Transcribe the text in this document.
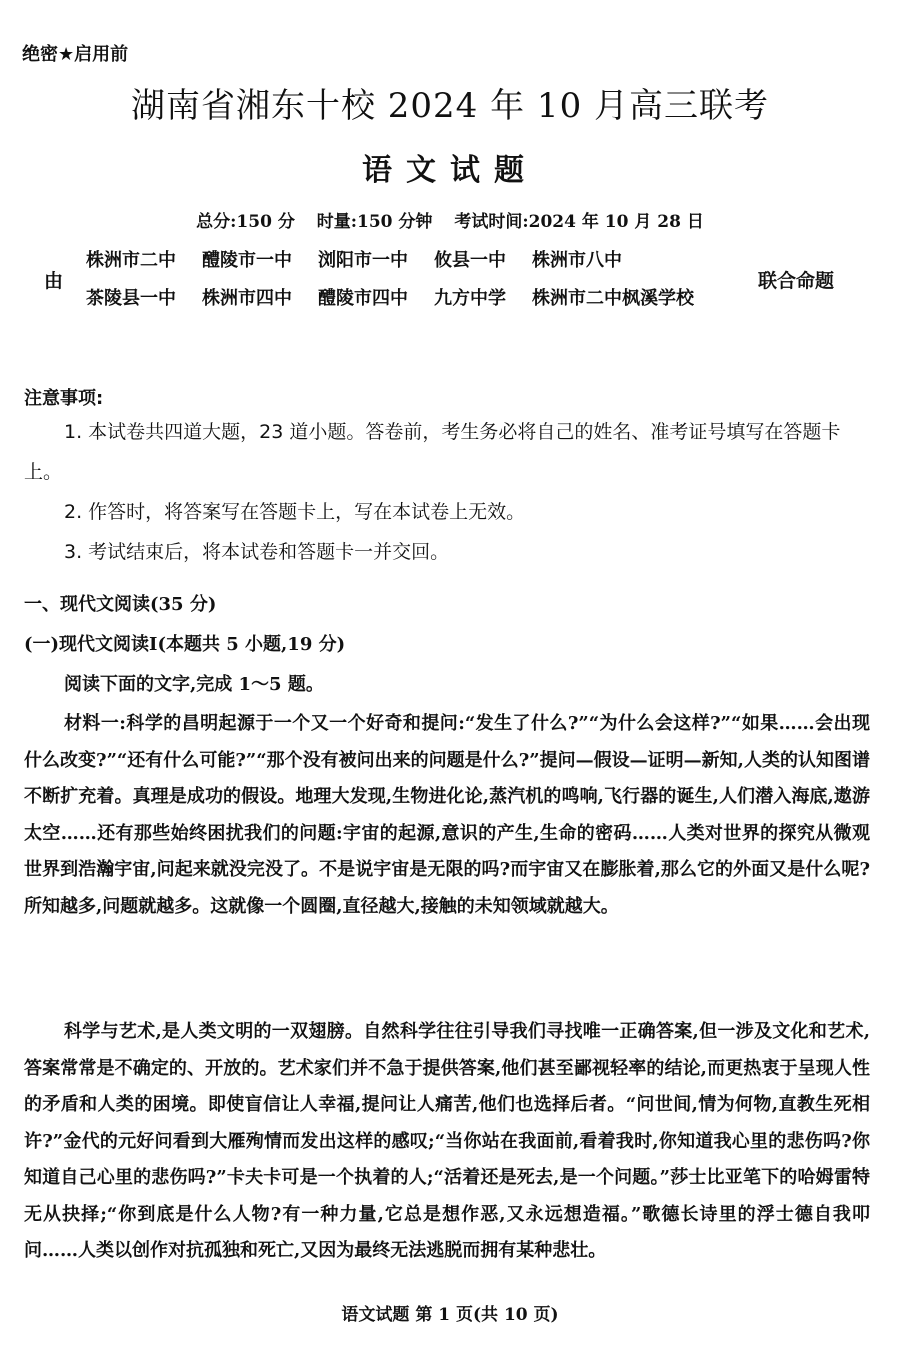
绝密★启用前
湖南省湘东十校 2024 年 10 月高三联考
语文试题
总分:150 分 时量:150 分钟 考试时间:2024 年 10 月 28 日
由
株洲市二中 醴陵市一中 浏阳市一中 攸县一中 株洲市八中
茶陵县一中 株洲市四中 醴陵市四中 九方中学 株洲市二中枫溪学校
联合命题
注意事项:
1. 本试卷共四道大题，23 道小题。答卷前，考生务必将自己的姓名、准考证号填写在答题卡上。
2. 作答时，将答案写在答题卡上，写在本试卷上无效。
3. 考试结束后，将本试卷和答题卡一并交回。
一、现代文阅读(35 分)
(一)现代文阅读Ⅰ(本题共 5 小题,19 分)
阅读下面的文字,完成 1～5 题。
材料一:科学的昌明起源于一个又一个好奇和提问:“发生了什么?”“为什么会这样?”“如果……会出现什么改变?”“还有什么可能?”“那个没有被问出来的问题是什么?”提问—假设—证明—新知,人类的认知图谱不断扩充着。真理是成功的假设。地理大发现,生物进化论,蒸汽机的鸣响,飞行器的诞生,人们潜入海底,遨游太空……还有那些始终困扰我们的问题:宇宙的起源,意识的产生,生命的密码……人类对世界的探究从微观世界到浩瀚宇宙,问起来就没完没了。不是说宇宙是无限的吗?而宇宙又在膨胀着,那么它的外面又是什么呢?所知越多,问题就越多。这就像一个圆圈,直径越大,接触的未知领域就越大。
科学与艺术,是人类文明的一双翅膀。自然科学往往引导我们寻找唯一正确答案,但一涉及文化和艺术,答案常常是不确定的、开放的。艺术家们并不急于提供答案,他们甚至鄙视轻率的结论,而更热衷于呈现人性的矛盾和人类的困境。即使盲信让人幸福,提问让人痛苦,他们也选择后者。“问世间,情为何物,直教生死相许?”金代的元好问看到大雁殉情而发出这样的感叹;“当你站在我面前,看着我时,你知道我心里的悲伤吗?你知道自己心里的悲伤吗?”卡夫卡可是一个执着的人;“活着还是死去,是一个问题。”莎士比亚笔下的哈姆雷特无从抉择;“你到底是什么人物?有一种力量,它总是想作恶,又永远想造福。”歌德长诗里的浮士德自我叩问……人类以创作对抗孤独和死亡,又因为最终无法逃脱而拥有某种悲壮。
语文试题 第 1 页(共 10 页)
